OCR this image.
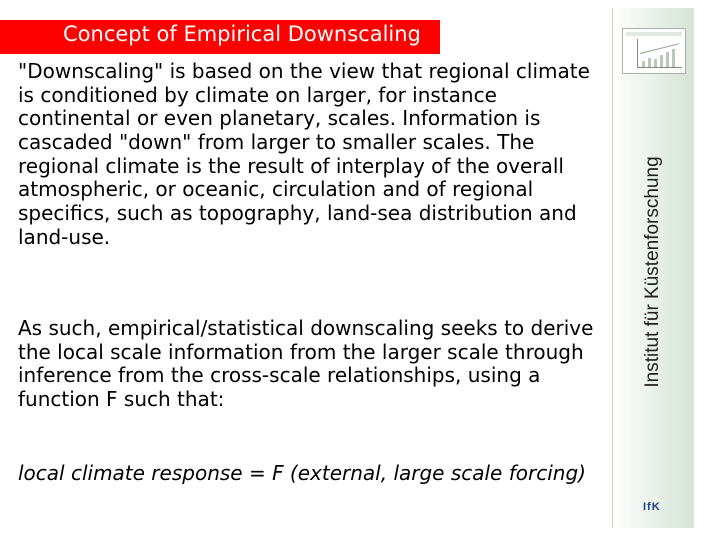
Concept of Empirical Downscaling

"Downscaling" is based on the view that regional climate is conditioned by climate on larger, for instance continental or even planetary, scales. Information is cascaded "down" from larger to smaller scales. The regional climate is the result of interplay of the overall atmospheric, or oceanic, circulation and of regional specifics, such as topography, land-sea distribution and land-use.

As such, empirical/statistical downscaling seeks to derive the local scale information from the larger scale through inference from the cross-scale relationships, using a function F such that:

local climate response = F (external, large scale forcing)

Institut für Küstenforschung
IfK
